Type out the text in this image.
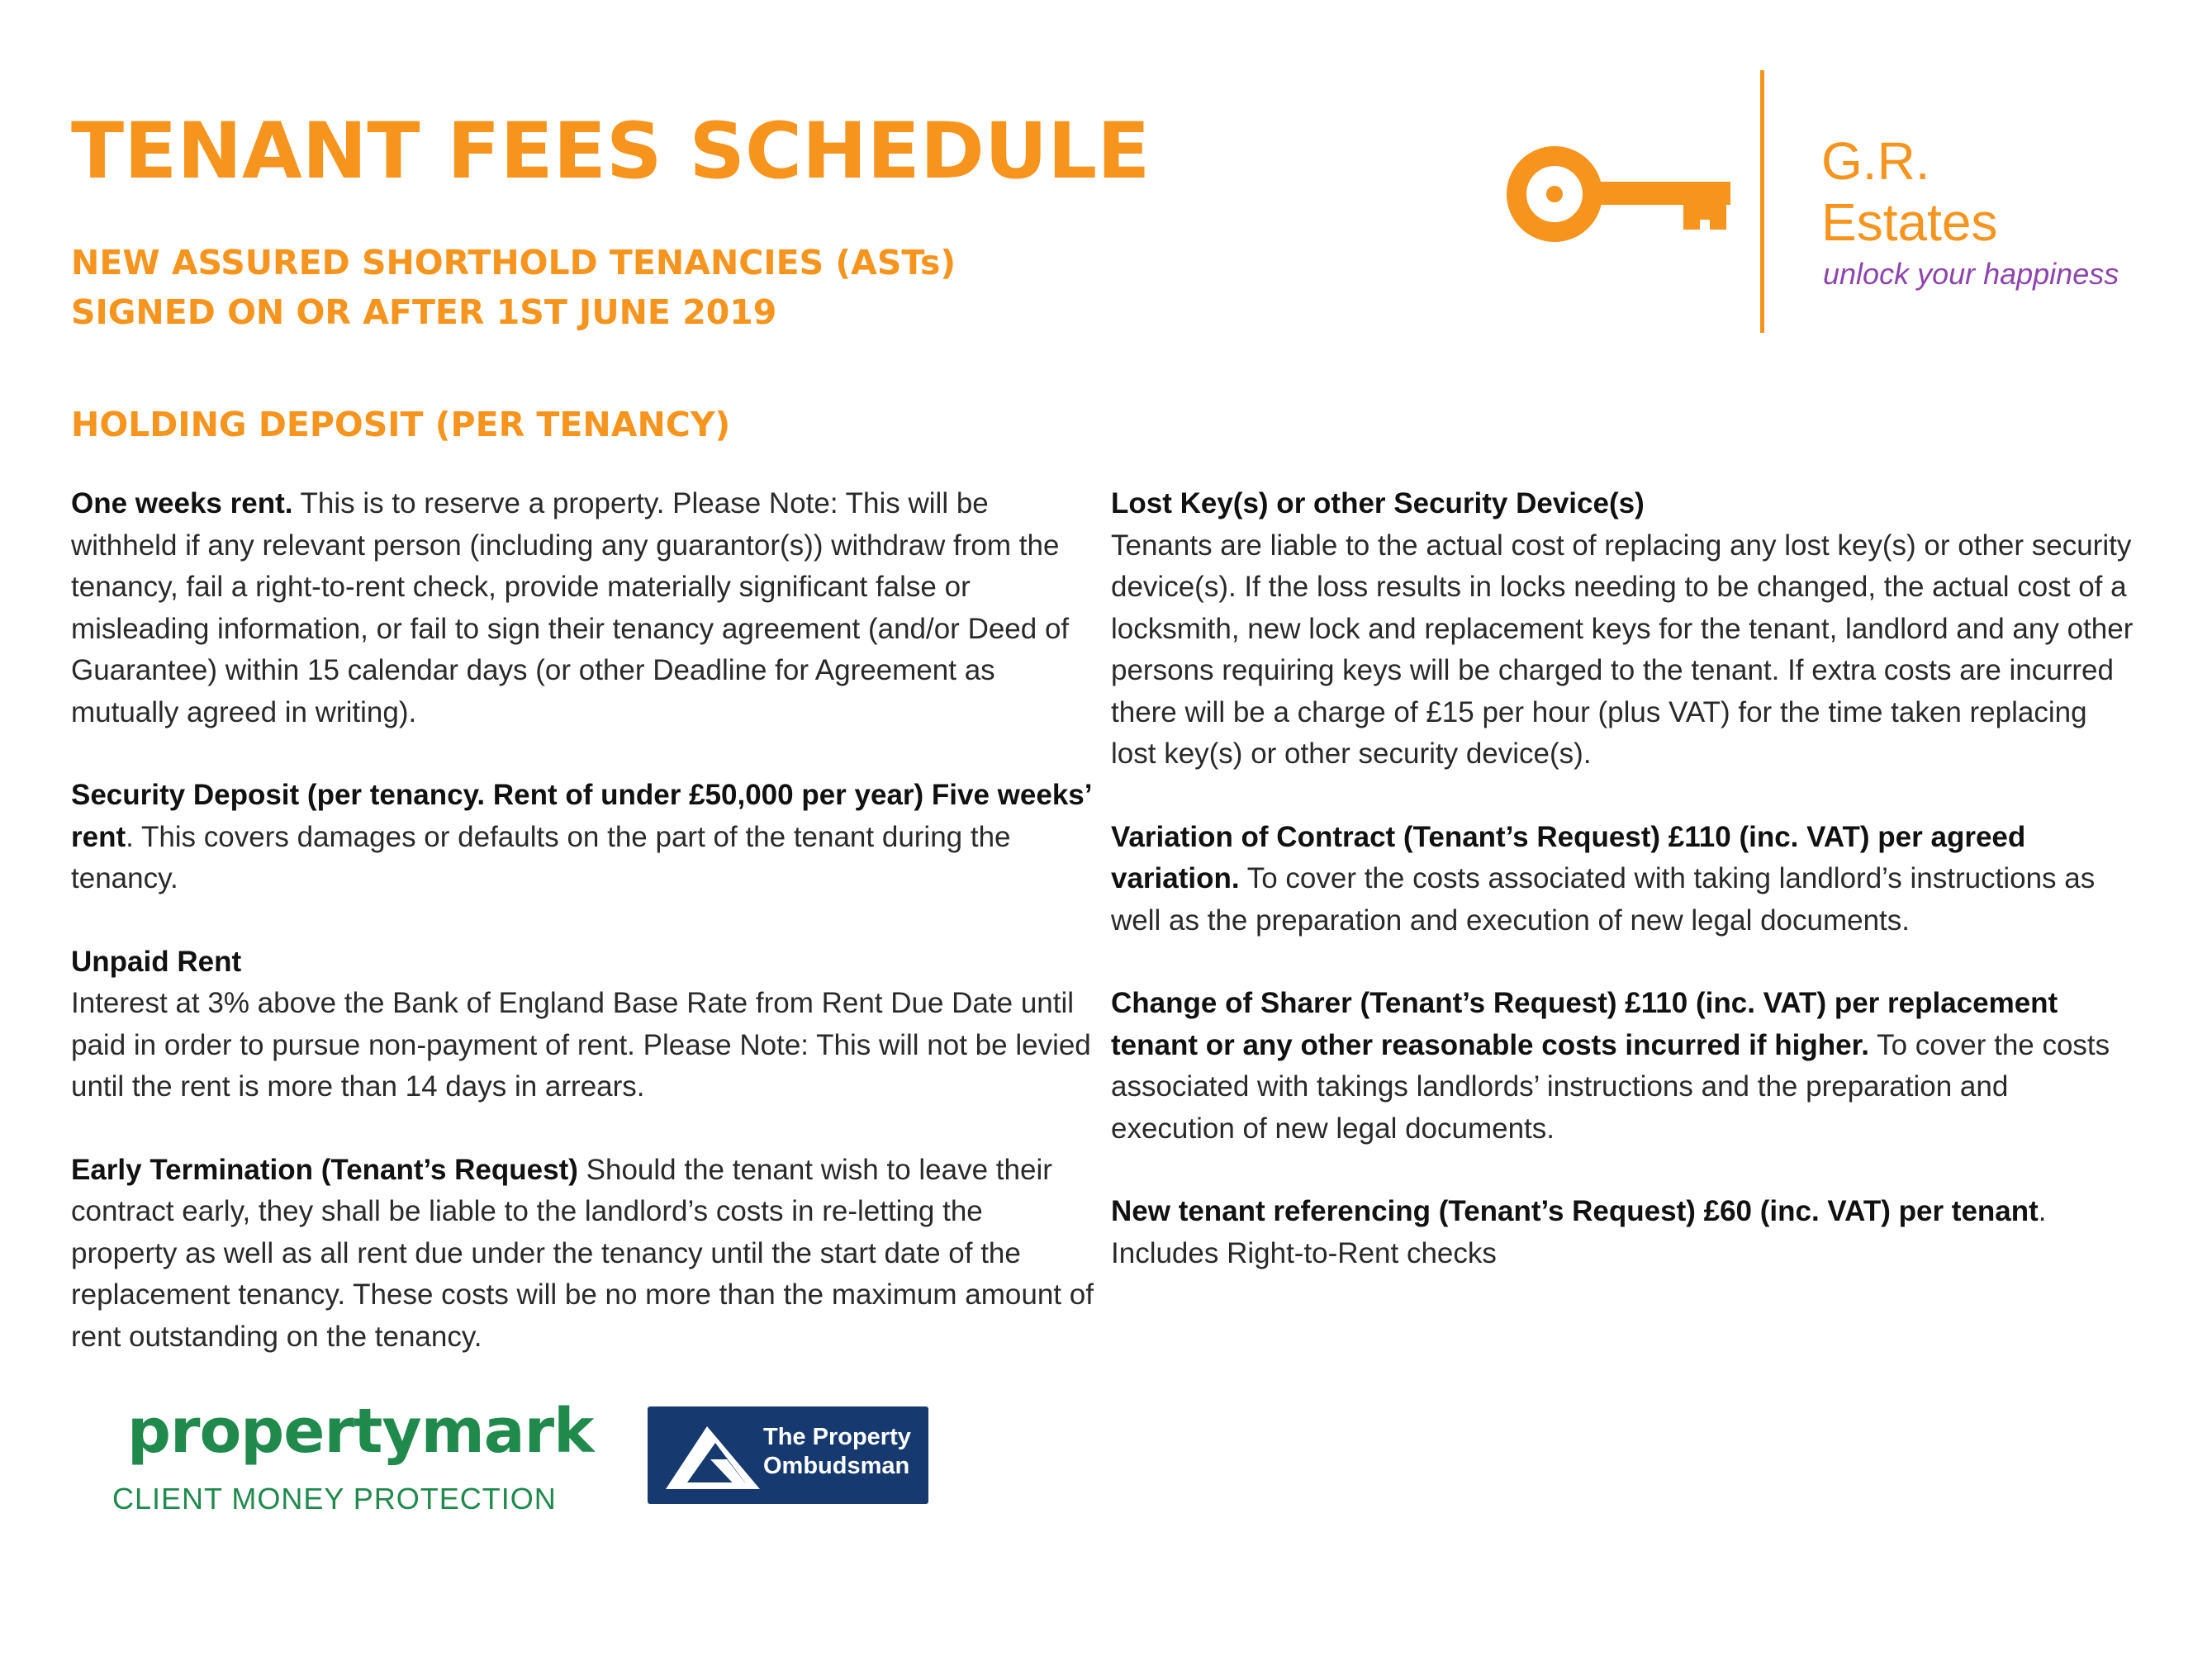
TENANT FEES SCHEDULE
NEW ASSURED SHORTHOLD TENANCIES (ASTs)
SIGNED ON OR AFTER 1ST JUNE 2019
G.R.
Estates
unlock your happiness
HOLDING DEPOSIT (PER TENANCY)

One weeks rent. This is to reserve a property. Please Note: This will be withheld if any relevant person (including any guarantor(s)) withdraw from the tenancy, fail a right-to-rent check, provide materially significant false or misleading information, or fail to sign their tenancy agreement (and/or Deed of Guarantee) within 15 calendar days (or other Deadline for Agreement as mutually agreed in writing).

Security Deposit (per tenancy. Rent of under £50,000 per year) Five weeks’ rent. This covers damages or defaults on the part of the tenant during the tenancy.

Unpaid Rent
Interest at 3% above the Bank of England Base Rate from Rent Due Date until paid in order to pursue non-payment of rent. Please Note: This will not be levied until the rent is more than 14 days in arrears.

Early Termination (Tenant’s Request) Should the tenant wish to leave their contract early, they shall be liable to the landlord’s costs in re-letting the property as well as all rent due under the tenancy until the start date of the replacement tenancy. These costs will be no more than the maximum amount of rent outstanding on the tenancy.

Lost Key(s) or other Security Device(s)
Tenants are liable to the actual cost of replacing any lost key(s) or other security device(s). If the loss results in locks needing to be changed, the actual cost of a locksmith, new lock and replacement keys for the tenant, landlord and any other persons requiring keys will be charged to the tenant. If extra costs are incurred there will be a charge of £15 per hour (plus VAT) for the time taken replacing lost key(s) or other security device(s).

Variation of Contract (Tenant’s Request) £110 (inc. VAT) per agreed variation. To cover the costs associated with taking landlord’s instructions as well as the preparation and execution of new legal documents.

Change of Sharer (Tenant’s Request) £110 (inc. VAT) per replacement tenant or any other reasonable costs incurred if higher. To cover the costs associated with takings landlords’ instructions and the preparation and execution of new legal documents.

New tenant referencing (Tenant’s Request) £60 (inc. VAT) per tenant. Includes Right-to-Rent checks

propertymark
CLIENT MONEY PROTECTION
The Property
Ombudsman
